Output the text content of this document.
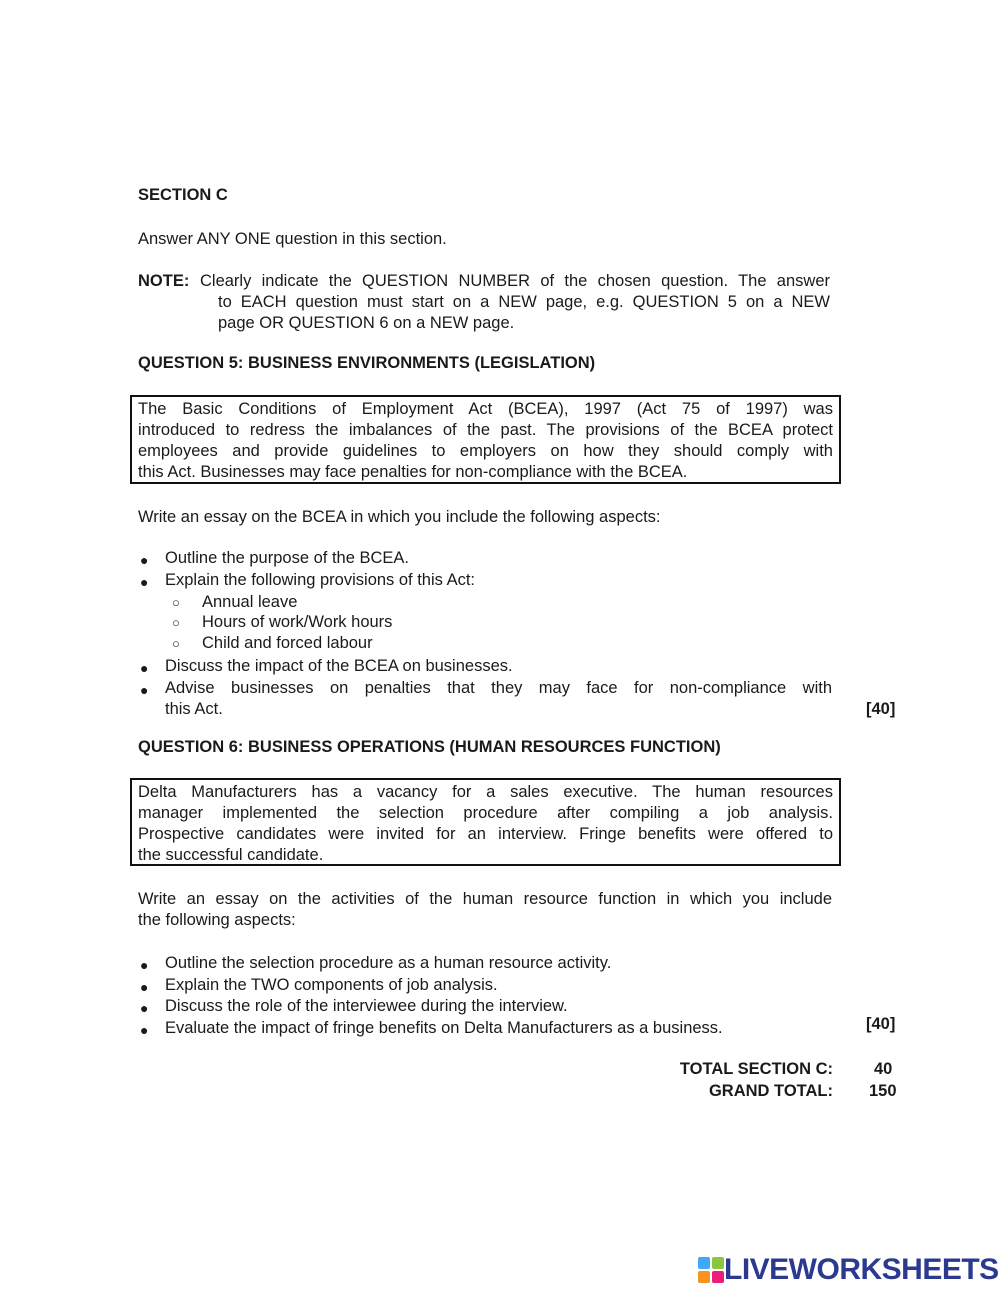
SECTION C
Answer ANY ONE question in this section.
NOTE: Clearly indicate the QUESTION NUMBER of the chosen question. The answer
to EACH question must start on a NEW page, e.g. QUESTION 5 on a NEW
page OR QUESTION 6 on a NEW page.
QUESTION 5: BUSINESS ENVIRONMENTS (LEGISLATION)
The Basic Conditions of Employment Act (BCEA), 1997 (Act 75 of 1997) was
introduced to redress the imbalances of the past. The provisions of the BCEA protect
employees and provide guidelines to employers on how they should comply with
this Act. Businesses may face penalties for non-compliance with the BCEA.
Write an essay on the BCEA in which you include the following aspects:
● Outline the purpose of the BCEA.
● Explain the following provisions of this Act:
○ Annual leave
○ Hours of work/Work hours
○ Child and forced labour
● Discuss the impact of the BCEA on businesses.
● Advise businesses on penalties that they may face for non-compliance with
this Act.	[40]
QUESTION 6: BUSINESS OPERATIONS (HUMAN RESOURCES FUNCTION)
Delta Manufacturers has a vacancy for a sales executive. The human resources
manager implemented the selection procedure after compiling a job analysis.
Prospective candidates were invited for an interview. Fringe benefits were offered to
the successful candidate.
Write an essay on the activities of the human resource function in which you include
the following aspects:
● Outline the selection procedure as a human resource activity.
● Explain the TWO components of job analysis.
● Discuss the role of the interviewee during the interview.
● Evaluate the impact of fringe benefits on Delta Manufacturers as a business.	[40]
TOTAL SECTION C: 40
GRAND TOTAL: 150
LIVEWORKSHEETS
